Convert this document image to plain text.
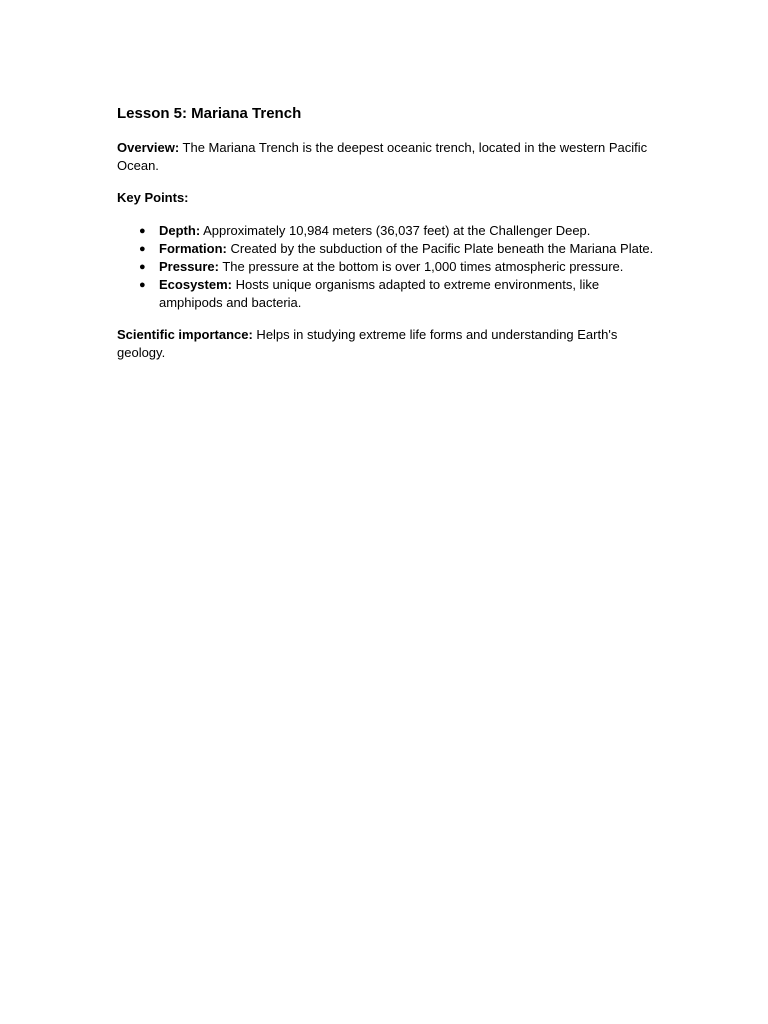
Lesson 5: Mariana Trench

Overview: The Mariana Trench is the deepest oceanic trench, located in the western Pacific Ocean.

Key Points:

● Depth: Approximately 10,984 meters (36,037 feet) at the Challenger Deep.
● Formation: Created by the subduction of the Pacific Plate beneath the Mariana Plate.
● Pressure: The pressure at the bottom is over 1,000 times atmospheric pressure.
● Ecosystem: Hosts unique organisms adapted to extreme environments, like amphipods and bacteria.

Scientific importance: Helps in studying extreme life forms and understanding Earth's geology.
